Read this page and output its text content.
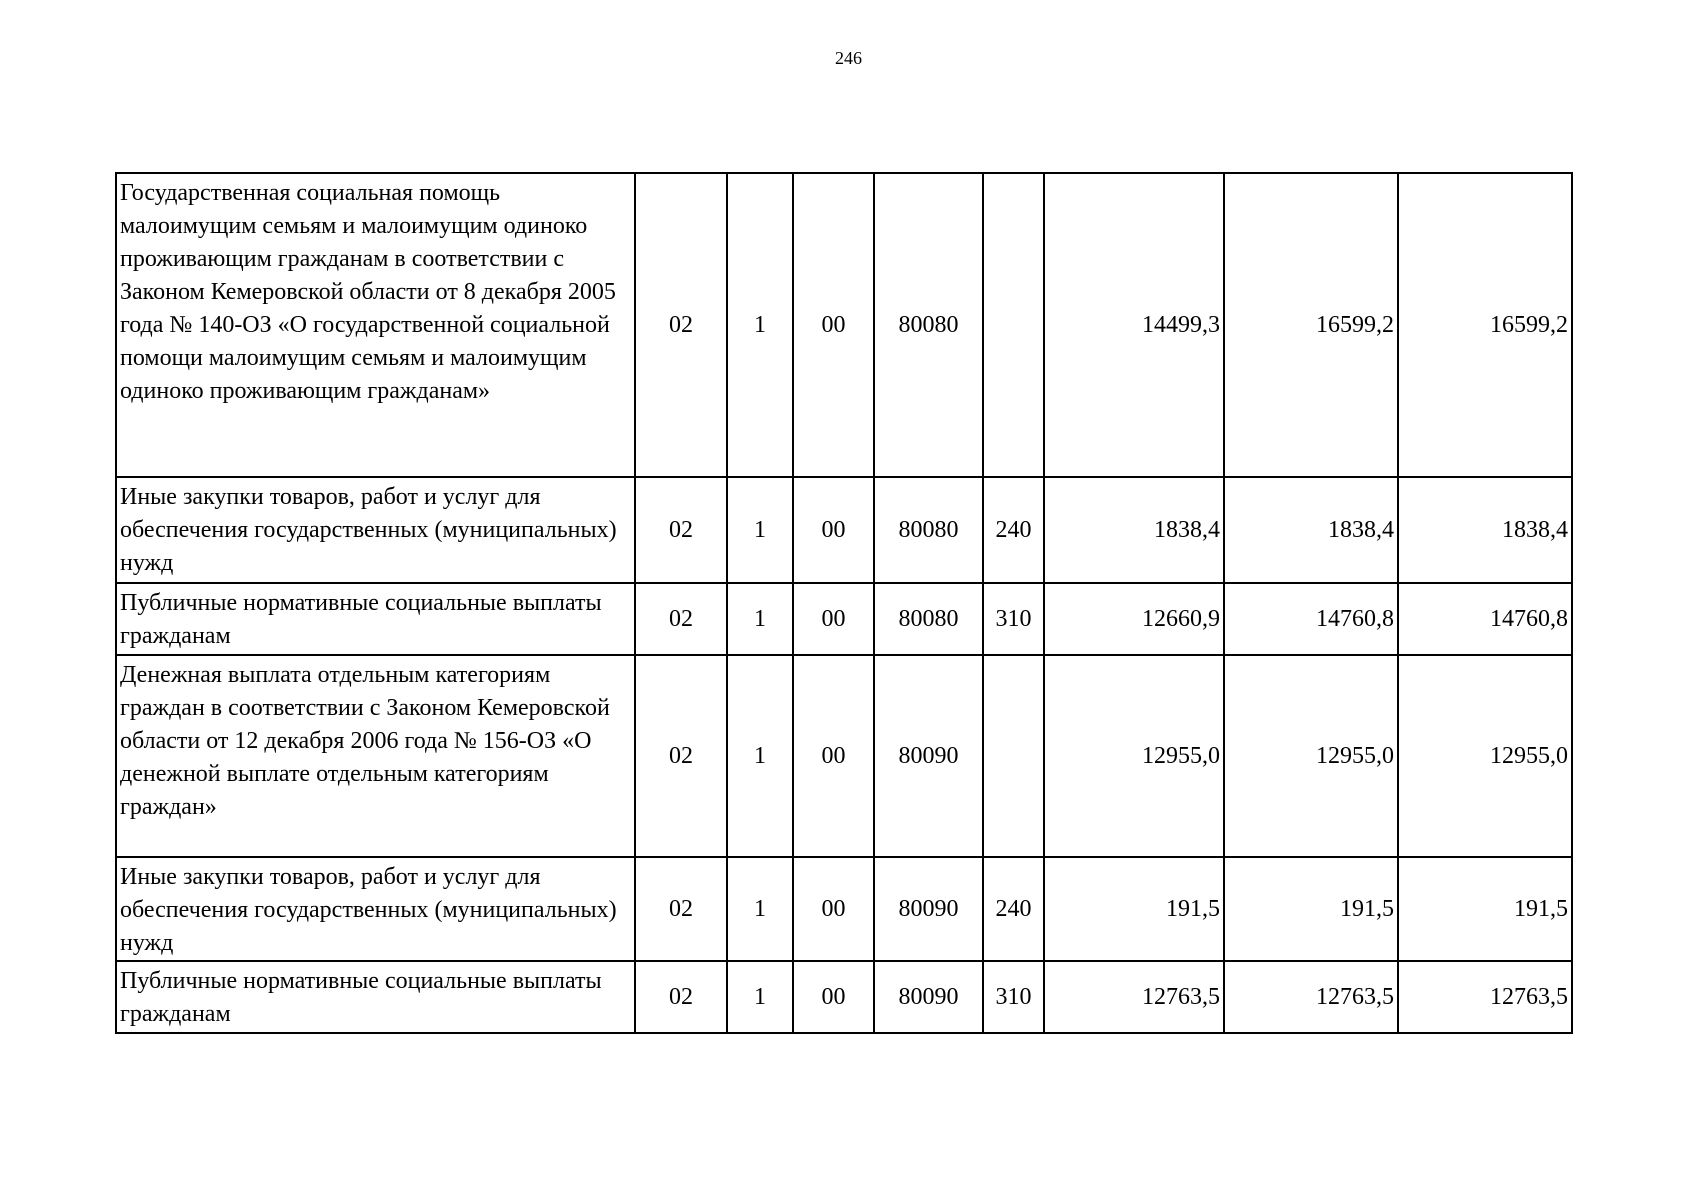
246
Государственная социальная помощь малоимущим семьям и малоимущим одиноко проживающим гражданам в соответствии с Законом Кемеровской области от 8 декабря 2005 года № 140-ОЗ «О государственной социальной помощи малоимущим семьям и малоимущим одиноко проживающим гражданам»	02	1	00	80080		14499,3	16599,2	16599,2
Иные закупки товаров, работ и услуг для обеспечения государственных (муниципальных) нужд	02	1	00	80080	240	1838,4	1838,4	1838,4
Публичные нормативные социальные выплаты гражданам	02	1	00	80080	310	12660,9	14760,8	14760,8
Денежная выплата отдельным категориям граждан в соответствии с Законом Кемеровской области от 12 декабря 2006 года № 156-ОЗ «О денежной выплате отдельным категориям граждан»	02	1	00	80090		12955,0	12955,0	12955,0
Иные закупки товаров, работ и услуг для обеспечения государственных (муниципальных) нужд	02	1	00	80090	240	191,5	191,5	191,5
Публичные нормативные социальные выплаты гражданам	02	1	00	80090	310	12763,5	12763,5	12763,5
